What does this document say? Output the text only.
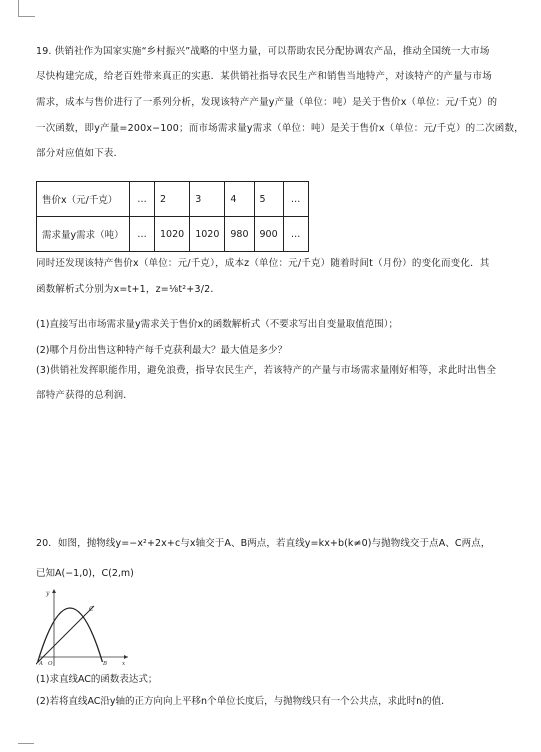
19. 供销社作为国家实施“乡村振兴”战略的中坚力量，可以帮助农民分配协调农产品，推动全国统一大市场
尽快构建完成，给老百姓带来真正的实惠．某供销社指导农民生产和销售当地特产，对该特产的产量与市场
需求，成本与售价进行了一系列分析，发现该特产产量y产量（单位：吨）是关于售价x（单位：元/千克）的
一次函数，即y产量=200x−100；而市场需求量y需求（单位：吨）是关于售价x（单位：元/千克）的二次函数，
部分对应值如下表．

售价x（元/千克）	…	2	3	4	5	…
需求量y需求（吨）	…	1020	1020	980	900	…

同时还发现该特产售价x（单位：元/千克），成本z（单位：元/千克）随着时间t（月份）的变化而变化．其
函数解析式分别为x=t+1，z=⅛t²+3/2．

(1)直接写出市场需求量y需求关于售价x的函数解析式（不要求写出自变量取值范围）；
(2)哪个月份出售这种特产每千克获利最大？最大值是多少？

(3)供销社发挥职能作用，避免浪费，指导农民生产，若该特产的产量与市场需求量刚好相等，求此时出售全
部特产获得的总利润．

20．如图，抛物线y=−x²+2x+c与x轴交于A、B两点，若直线y=kx+b(k≠0)与抛物线交于点A、C两点，
已知A(−1,0)，C(2,m)
y
C
A O	B	x
(1)求直线AC的函数表达式；
(2)若将直线AC沿y轴的正方向向上平移n个单位长度后，与抛物线只有一个公共点，求此时n的值．
